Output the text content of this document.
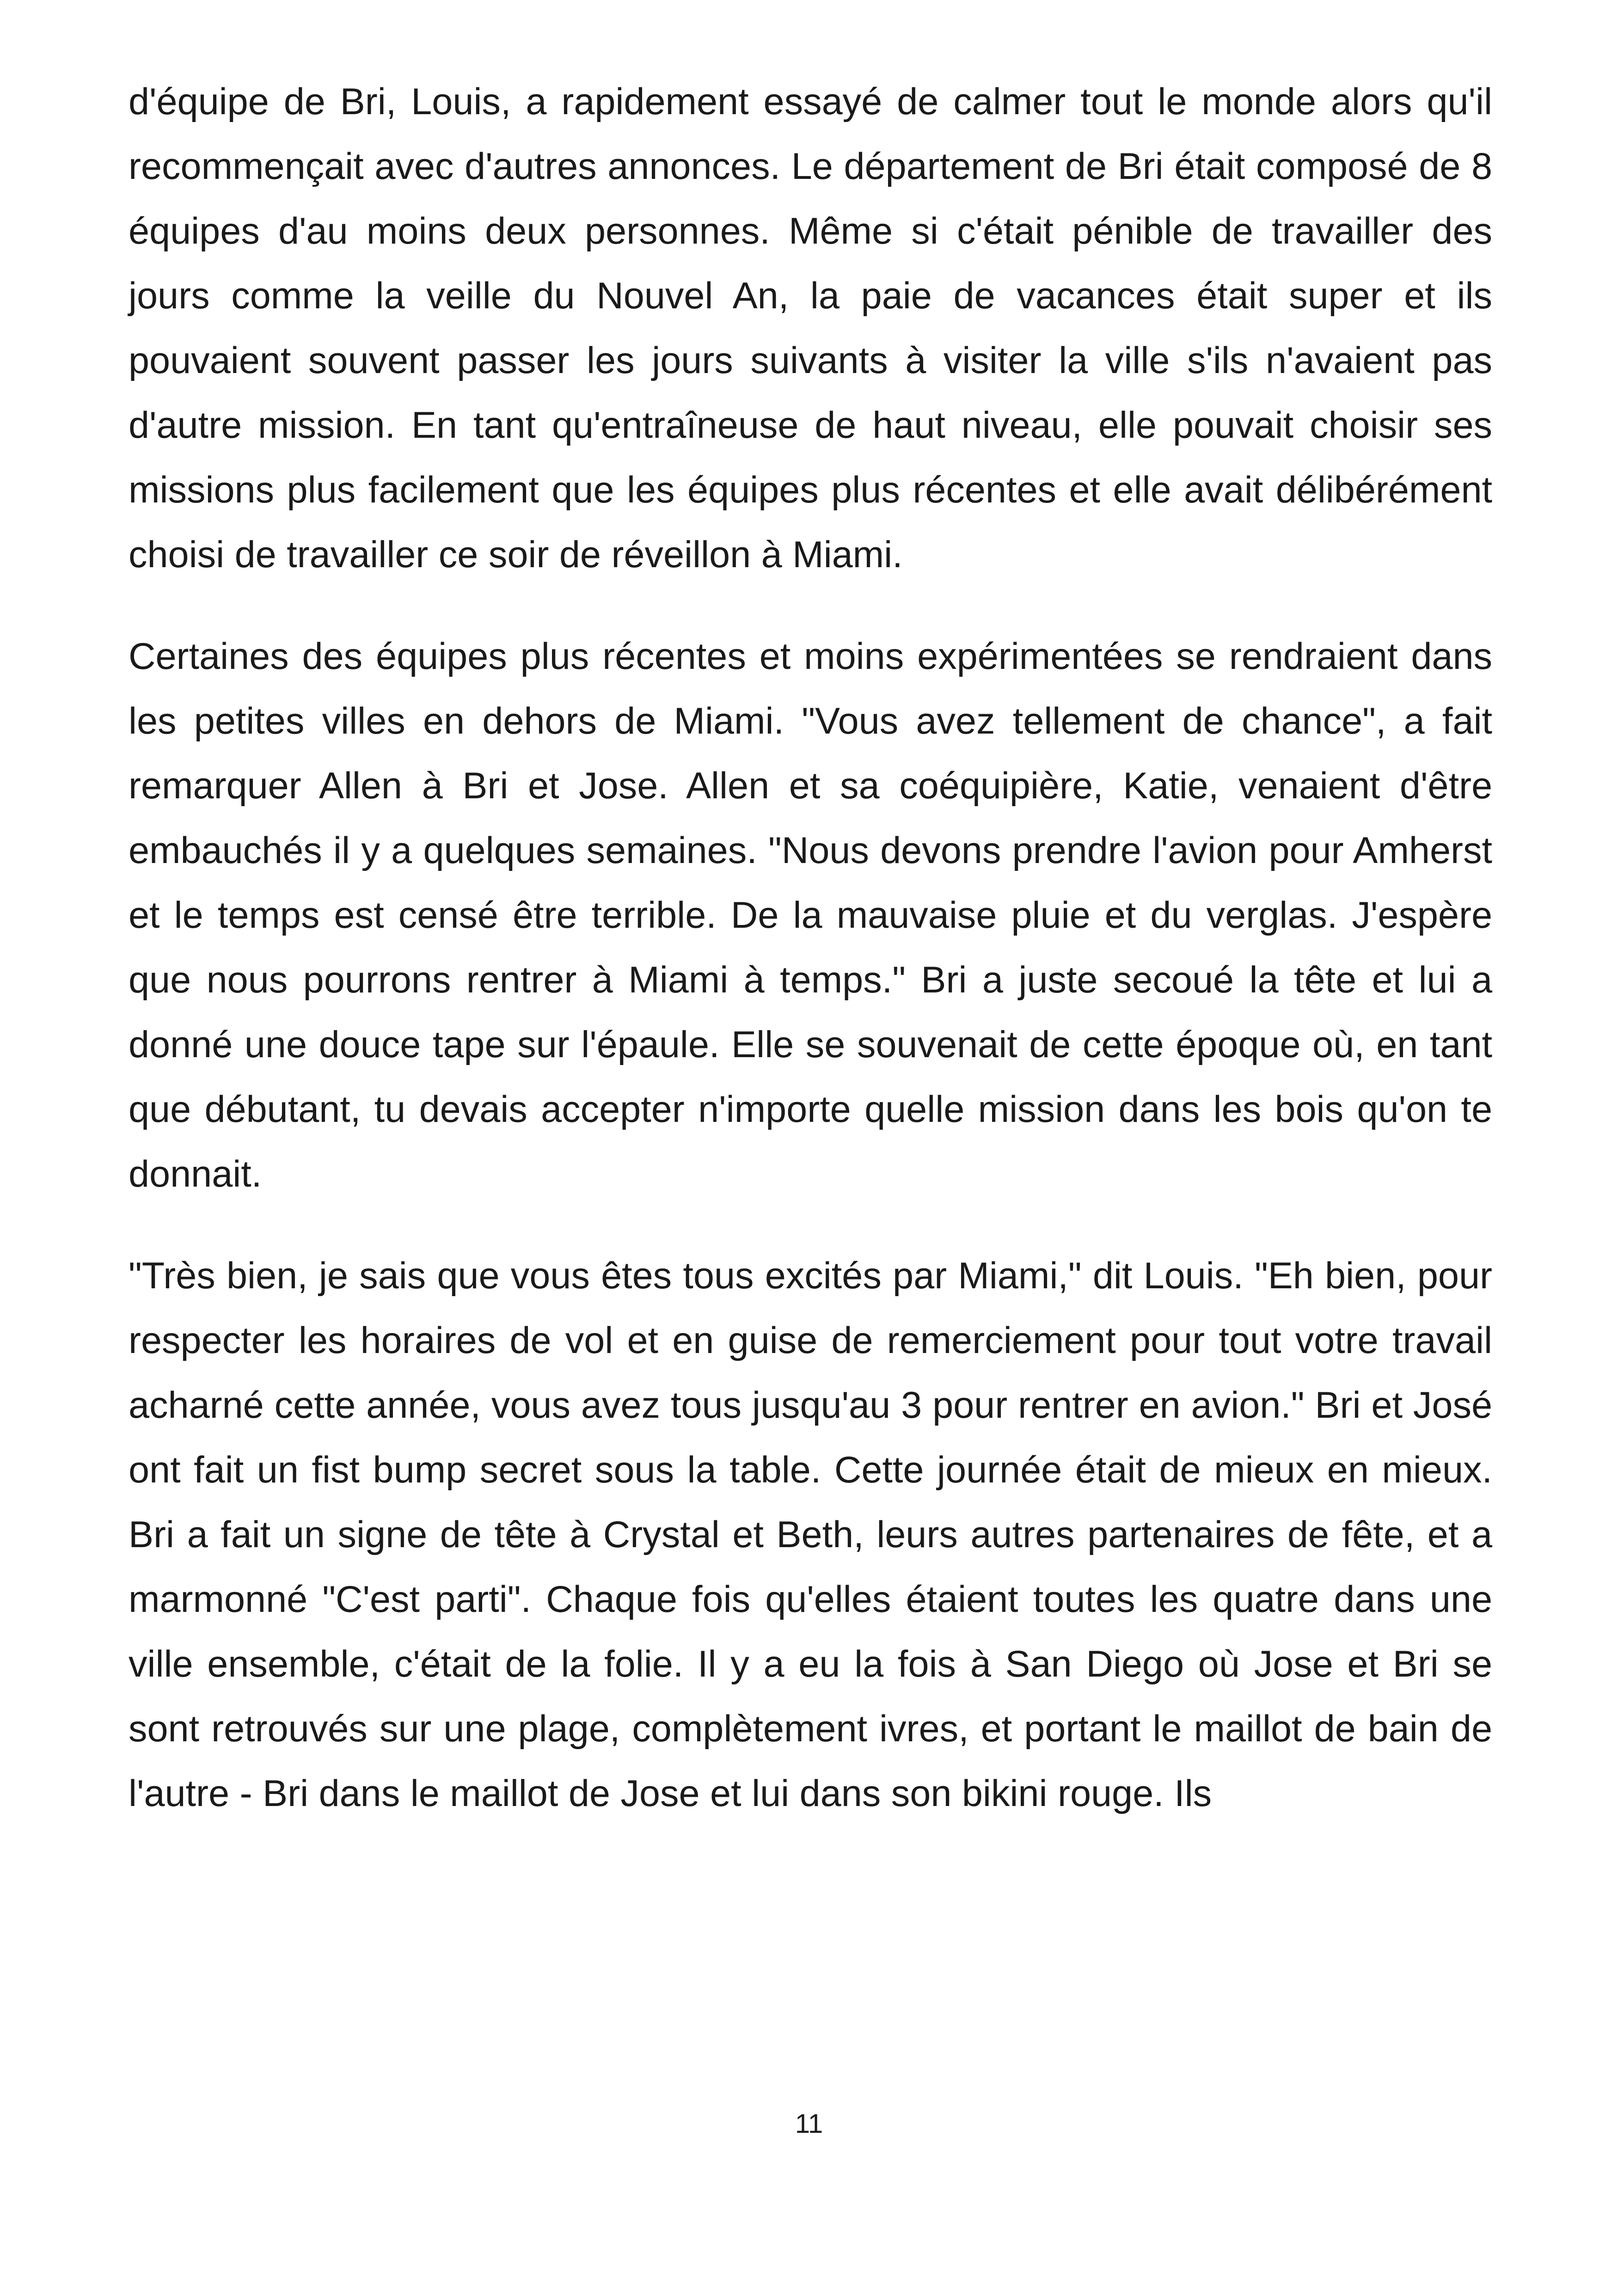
d'équipe de Bri, Louis, a rapidement essayé de calmer tout le monde alors qu'il recommençait avec d'autres annonces. Le département de Bri était composé de 8 équipes d'au moins deux personnes. Même si c'était pénible de travailler des jours comme la veille du Nouvel An, la paie de vacances était super et ils pouvaient souvent passer les jours suivants à visiter la ville s'ils n'avaient pas d'autre mission. En tant qu'entraîneuse de haut niveau, elle pouvait choisir ses missions plus facilement que les équipes plus récentes et elle avait délibérément choisi de travailler ce soir de réveillon à Miami.

Certaines des équipes plus récentes et moins expérimentées se rendraient dans les petites villes en dehors de Miami. "Vous avez tellement de chance", a fait remarquer Allen à Bri et Jose. Allen et sa coéquipière, Katie, venaient d'être embauchés il y a quelques semaines. "Nous devons prendre l'avion pour Amherst et le temps est censé être terrible. De la mauvaise pluie et du verglas. J'espère que nous pourrons rentrer à Miami à temps." Bri a juste secoué la tête et lui a donné une douce tape sur l'épaule. Elle se souvenait de cette époque où, en tant que débutant, tu devais accepter n'importe quelle mission dans les bois qu'on te donnait.

"Très bien, je sais que vous êtes tous excités par Miami," dit Louis. "Eh bien, pour respecter les horaires de vol et en guise de remerciement pour tout votre travail acharné cette année, vous avez tous jusqu'au 3 pour rentrer en avion." Bri et José ont fait un fist bump secret sous la table. Cette journée était de mieux en mieux. Bri a fait un signe de tête à Crystal et Beth, leurs autres partenaires de fête, et a marmonné "C'est parti". Chaque fois qu'elles étaient toutes les quatre dans une ville ensemble, c'était de la folie. Il y a eu la fois à San Diego où Jose et Bri se sont retrouvés sur une plage, complètement ivres, et portant le maillot de bain de l'autre - Bri dans le maillot de Jose et lui dans son bikini rouge. Ils

11
